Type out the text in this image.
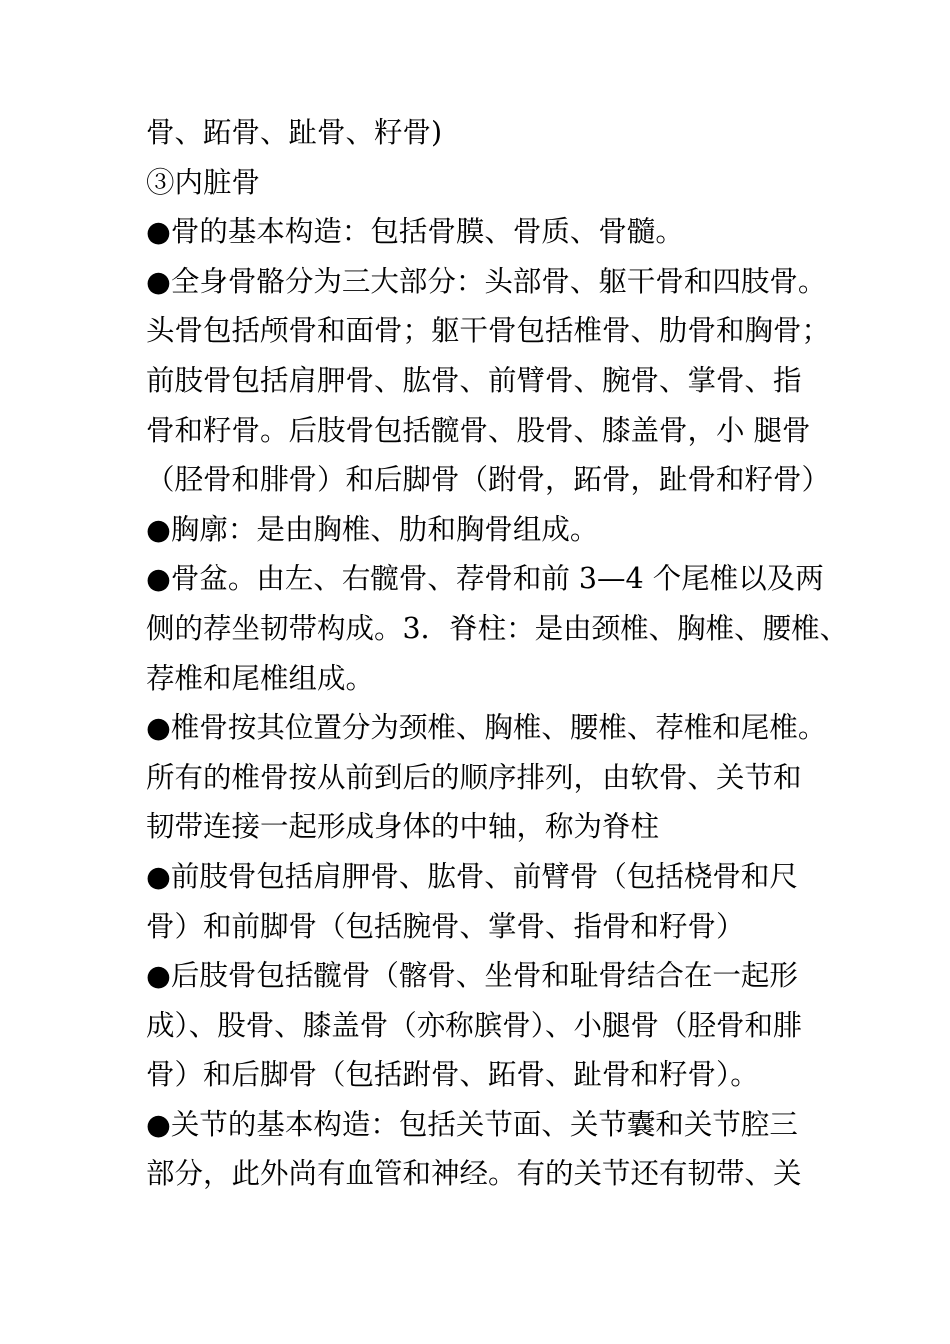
骨、跖骨、趾骨、籽骨)
③内脏骨
●骨的基本构造：包括骨膜、骨质、骨髓。
●全身骨骼分为三大部分：头部骨、躯干骨和四肢骨。
头骨包括颅骨和面骨；躯干骨包括椎骨、肋骨和胸骨；
前肢骨包括肩胛骨、肱骨、前臂骨、腕骨、掌骨、指
骨和籽骨。后肢骨包括髋骨、股骨、膝盖骨，小 腿骨
（胫骨和腓骨）和后脚骨（跗骨，跖骨，趾骨和籽骨）
●胸廓：是由胸椎、肋和胸骨组成。
●骨盆。由左、右髋骨、荐骨和前 3—4 个尾椎以及两
侧的荐坐韧带构成。3．脊柱：是由颈椎、胸椎、腰椎、
荐椎和尾椎组成。
●椎骨按其位置分为颈椎、胸椎、腰椎、荐椎和尾椎。
所有的椎骨按从前到后的顺序排列，由软骨、关节和
韧带连接一起形成身体的中轴，称为脊柱
●前肢骨包括肩胛骨、肱骨、前臂骨（包括桡骨和尺
骨）和前脚骨（包括腕骨、掌骨、指骨和籽骨）
●后肢骨包括髋骨（髂骨、坐骨和耻骨结合在一起形
成）、股骨、膝盖骨（亦称膑骨）、小腿骨（胫骨和腓
骨）和后脚骨（包括跗骨、跖骨、趾骨和籽骨）。
●关节的基本构造：包括关节面、关节囊和关节腔三
部分，此外尚有血管和神经。有的关节还有韧带、关
